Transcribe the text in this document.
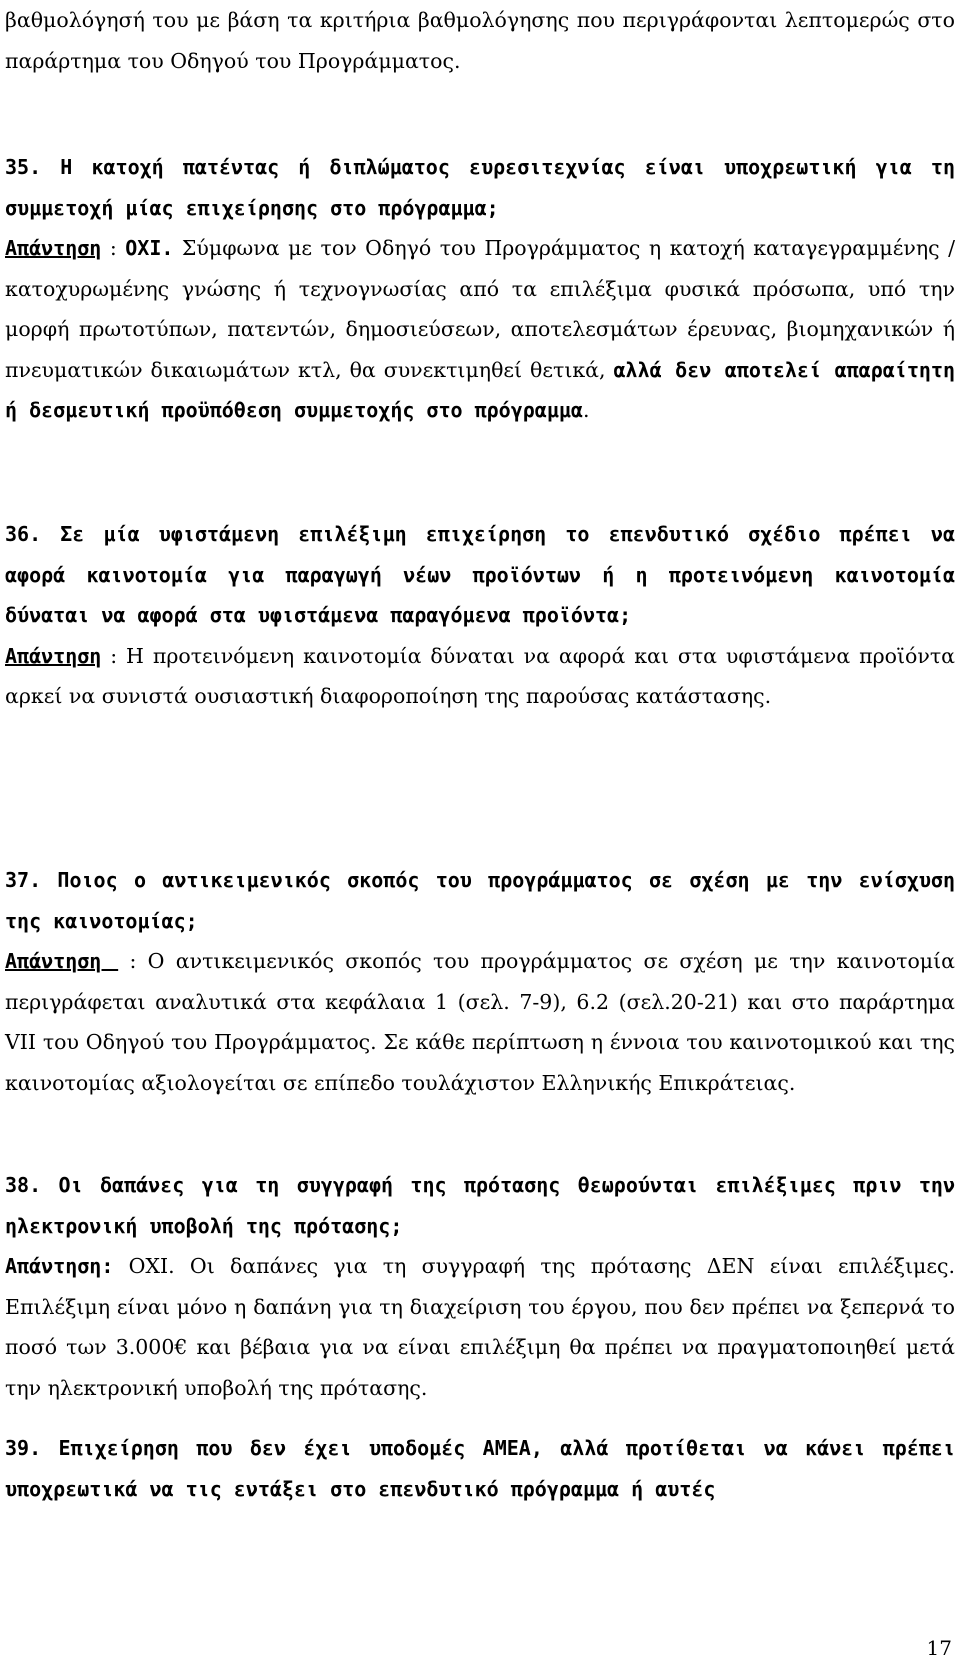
βαθμολόγησή του με βάση τα κριτήρια βαθμολόγησης που περιγράφονται λεπτομερώς στο παράρτημα του Οδηγού του Προγράμματος.

35. Η κατοχή πατέντας ή διπλώματος ευρεσιτεχνίας είναι υποχρεωτική για τη συμμετοχή μίας επιχείρησης στο πρόγραμμα;
Απάντηση : ΟΧΙ. Σύμφωνα με τον Οδηγό του Προγράμματος η κατοχή καταγεγραμμένης / κατοχυρωμένης γνώσης ή τεχνογνωσίας από τα επιλέξιμα φυσικά πρόσωπα, υπό την μορφή πρωτοτύπων, πατεντών, δημοσιεύσεων, αποτελεσμάτων έρευνας, βιομηχανικών ή πνευματικών δικαιωμάτων κτλ, θα συνεκτιμηθεί θετικά, αλλά δεν αποτελεί απαραίτητη ή δεσμευτική προϋπόθεση συμμετοχής στο πρόγραμμα.

36. Σε μία υφιστάμενη επιλέξιμη επιχείρηση το επενδυτικό σχέδιο πρέπει να αφορά καινοτομία για παραγωγή νέων προϊόντων ή η προτεινόμενη καινοτομία δύναται να αφορά στα υφιστάμενα παραγόμενα προϊόντα;
Απάντηση : Η προτεινόμενη καινοτομία δύναται να αφορά και στα υφιστάμενα προϊόντα αρκεί να συνιστά ουσιαστική διαφοροποίηση της παρούσας κατάστασης.

37. Ποιος ο αντικειμενικός σκοπός του προγράμματος σε σχέση με την ενίσχυση της καινοτομίας;
Απάντηση  : Ο αντικειμενικός σκοπός του προγράμματος σε σχέση με την καινοτομία περιγράφεται αναλυτικά στα κεφάλαια 1 (σελ. 7-9), 6.2 (σελ.20-21) και στο παράρτημα VII του Οδηγού του Προγράμματος. Σε κάθε περίπτωση η έννοια του καινοτομικού και της καινοτομίας αξιολογείται σε επίπεδο τουλάχιστον Ελληνικής Επικράτειας.

38. Οι δαπάνες για τη συγγραφή της πρότασης θεωρούνται επιλέξιμες πριν την ηλεκτρονική υποβολή της πρότασης;
Απάντηση: ΟΧΙ. Οι δαπάνες για τη συγγραφή της πρότασης ΔΕΝ είναι επιλέξιμες. Επιλέξιμη είναι μόνο η δαπάνη για τη διαχείριση του έργου, που δεν πρέπει να ξεπερνά το ποσό των 3.000€ και βέβαια για να είναι επιλέξιμη θα πρέπει να πραγματοποιηθεί μετά την ηλεκτρονική υποβολή της πρότασης.

39. Επιχείρηση που δεν έχει υποδομές ΑΜΕΑ, αλλά προτίθεται να κάνει πρέπει υποχρεωτικά να τις εντάξει στο επενδυτικό πρόγραμμα ή αυτές

17
